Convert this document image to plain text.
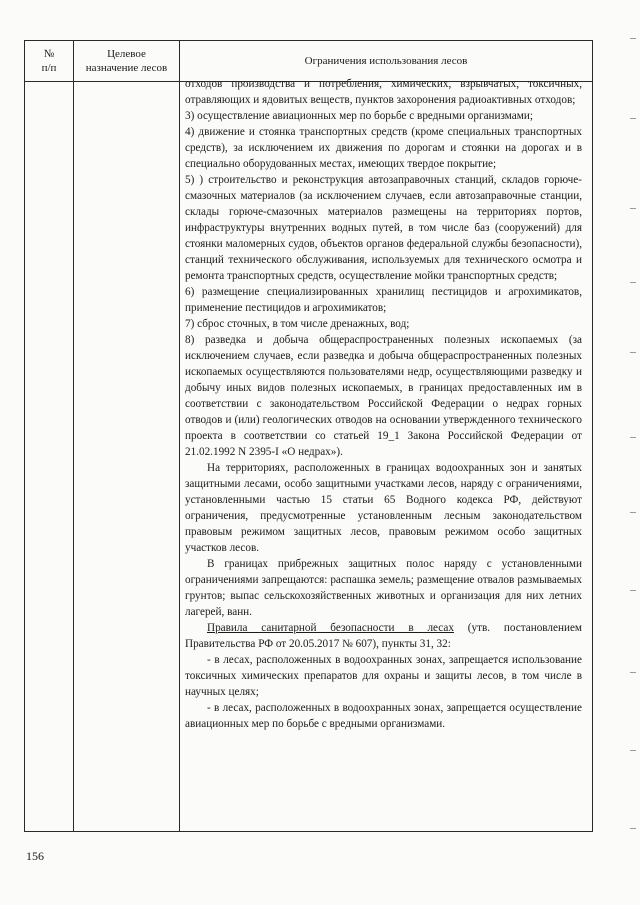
№
п/п
Целевое
назначение лесов
Ограничения использования лесов

отходов производства и потребления, химических, взрывчатых, токсичных, отравляющих и ядовитых веществ, пунктов захоронения радиоактивных отходов;

3) осуществление авиационных мер по борьбе с вредными организмами;

4) движение и стоянка транспортных средств (кроме специальных транспортных средств), за исключением их движения по дорогам и стоянки на дорогах и в специально оборудованных местах, имеющих твердое покрытие;

5) ) строительство и реконструкция автозаправочных станций, складов горюче-смазочных материалов (за исключением случаев, если автозаправочные станции, склады горюче-смазочных материалов размещены на территориях портов, инфраструктуры внутренних водных путей, в том числе баз (сооружений) для стоянки маломерных судов, объектов органов федеральной службы безопасности), станций технического обслуживания, используемых для технического осмотра и ремонта транспортных средств, осуществление мойки транспортных средств;

6) размещение специализированных хранилищ пестицидов и агрохимикатов, применение пестицидов и агрохимикатов;

7) сброс сточных, в том числе дренажных, вод;

8) разведка и добыча общераспространенных полезных ископаемых (за исключением случаев, если разведка и добыча общераспространенных полезных ископаемых осуществляются пользователями недр, осуществляющими разведку и добычу иных видов полезных ископаемых, в границах предоставленных им в соответствии с законодательством Российской Федерации о недрах горных отводов и (или) геологических отводов на основании утвержденного технического проекта в соответствии со статьей 19_1 Закона Российской Федерации от 21.02.1992 N 2395-I «О недрах»).

На территориях, расположенных в границах водоохранных зон и занятых защитными лесами, особо защитными участками лесов, наряду с ограничениями, установленными частью 15 статьи 65 Водного кодекса РФ, действуют ограничения, предусмотренные установленным лесным законодательством правовым режимом защитных лесов, правовым режимом особо защитных участков лесов.

В границах прибрежных защитных полос наряду с установленными ограничениями запрещаются: распашка земель; размещение отвалов размываемых грунтов; выпас сельскохозяйственных животных и организация для них летних лагерей, ванн.

Правила санитарной безопасности в лесах (утв. постановлением Правительства РФ от 20.05.2017 № 607), пункты 31, 32:

- в лесах, расположенных в водоохранных зонах, запрещается использование токсичных химических препаратов для охраны и защиты лесов, в том числе в научных целях;

- в лесах, расположенных в водоохранных зонах, запрещается осуществление авиационных мер по борьбе с вредными организмами.

156
